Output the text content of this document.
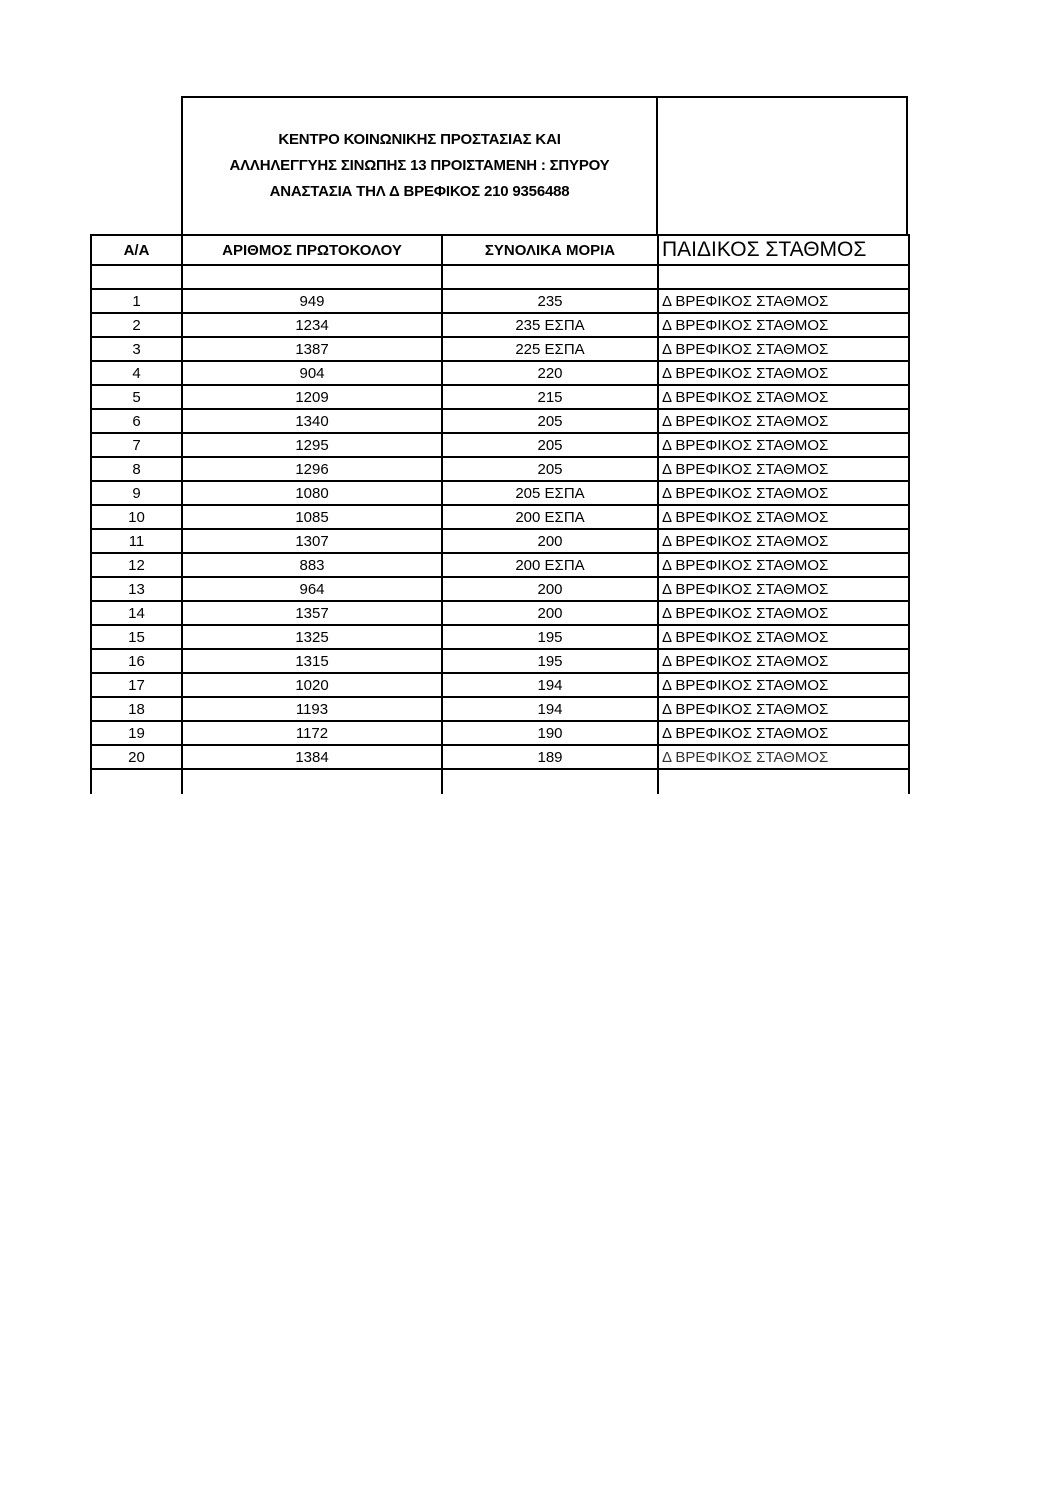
ΚΕΝΤΡΟ ΚΟΙΝΩΝΙΚΗΣ ΠΡΟΣΤΑΣΙΑΣ ΚΑΙ
ΑΛΛΗΛΕΓΓΥΗΣ ΣΙΝΩΠΗΣ 13 ΠΡΟΙΣΤΑΜΕΝΗ : ΣΠΥΡΟΥ
ΑΝΑΣΤΑΣΙΑ ΤΗΛ Δ ΒΡΕΦΙΚΟΣ 210 9356488
Α/Α	ΑΡΙΘΜΟΣ ΠΡΩΤΟΚΟΛΟΥ	ΣΥΝΟΛΙΚΑ ΜΟΡΙΑ	ΠΑΙΔΙΚΟΣ ΣΤΑΘΜΟΣ

1	949	235	Δ ΒΡΕΦΙΚΟΣ ΣΤΑΘΜΟΣ
2	1234	235 ΕΣΠΑ	Δ ΒΡΕΦΙΚΟΣ ΣΤΑΘΜΟΣ
3	1387	225 ΕΣΠΑ	Δ ΒΡΕΦΙΚΟΣ ΣΤΑΘΜΟΣ
4	904	220	Δ ΒΡΕΦΙΚΟΣ ΣΤΑΘΜΟΣ
5	1209	215	Δ ΒΡΕΦΙΚΟΣ ΣΤΑΘΜΟΣ
6	1340	205	Δ ΒΡΕΦΙΚΟΣ ΣΤΑΘΜΟΣ
7	1295	205	Δ ΒΡΕΦΙΚΟΣ ΣΤΑΘΜΟΣ
8	1296	205	Δ ΒΡΕΦΙΚΟΣ ΣΤΑΘΜΟΣ
9	1080	205 ΕΣΠΑ	Δ ΒΡΕΦΙΚΟΣ ΣΤΑΘΜΟΣ
10	1085	200 ΕΣΠΑ	Δ ΒΡΕΦΙΚΟΣ ΣΤΑΘΜΟΣ
11	1307	200	Δ ΒΡΕΦΙΚΟΣ ΣΤΑΘΜΟΣ
12	883	200 ΕΣΠΑ	Δ ΒΡΕΦΙΚΟΣ ΣΤΑΘΜΟΣ
13	964	200	Δ ΒΡΕΦΙΚΟΣ ΣΤΑΘΜΟΣ
14	1357	200	Δ ΒΡΕΦΙΚΟΣ ΣΤΑΘΜΟΣ
15	1325	195	Δ ΒΡΕΦΙΚΟΣ ΣΤΑΘΜΟΣ
16	1315	195	Δ ΒΡΕΦΙΚΟΣ ΣΤΑΘΜΟΣ
17	1020	194	Δ ΒΡΕΦΙΚΟΣ ΣΤΑΘΜΟΣ
18	1193	194	Δ ΒΡΕΦΙΚΟΣ ΣΤΑΘΜΟΣ
19	1172	190	Δ ΒΡΕΦΙΚΟΣ ΣΤΑΘΜΟΣ
20	1384	189	Δ ΒΡΕΦΙΚΟΣ ΣΤΑΘΜΟΣ
